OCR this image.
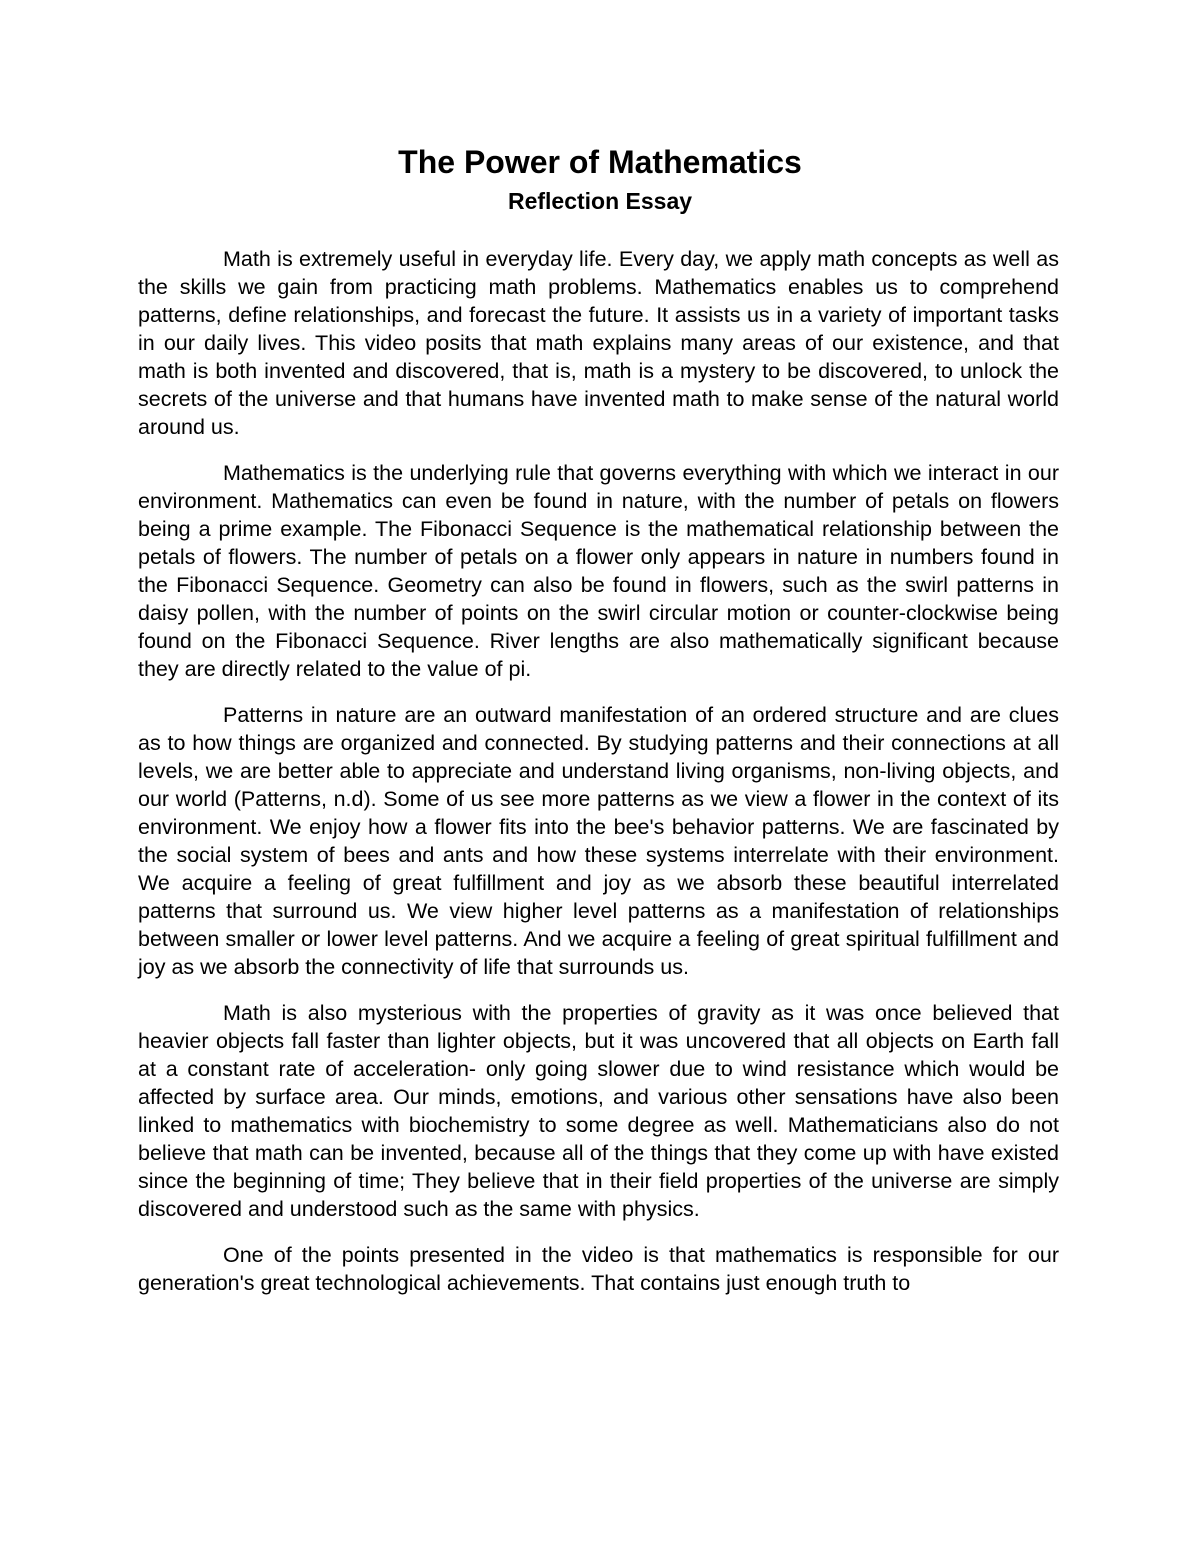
The Power of Mathematics
Reflection Essay

Math is extremely useful in everyday life. Every day, we apply math concepts as well as the skills we gain from practicing math problems. Mathematics enables us to comprehend patterns, define relationships, and forecast the future. It assists us in a variety of important tasks in our daily lives. This video posits that math explains many areas of our existence, and that math is both invented and discovered, that is, math is a mystery to be discovered, to unlock the secrets of the universe and that humans have invented math to make sense of the natural world around us.

Mathematics is the underlying rule that governs everything with which we interact in our environment. Mathematics can even be found in nature, with the number of petals on flowers being a prime example. The Fibonacci Sequence is the mathematical relationship between the petals of flowers. The number of petals on a flower only appears in nature in numbers found in the Fibonacci Sequence. Geometry can also be found in flowers, such as the swirl patterns in daisy pollen, with the number of points on the swirl circular motion or counter-clockwise being found on the Fibonacci Sequence. River lengths are also mathematically significant because they are directly related to the value of pi.

Patterns in nature are an outward manifestation of an ordered structure and are clues as to how things are organized and connected. By studying patterns and their connections at all levels, we are better able to appreciate and understand living organisms, non-living objects, and our world (Patterns, n.d). Some of us see more patterns as we view a flower in the context of its environment. We enjoy how a flower fits into the bee's behavior patterns. We are fascinated by the social system of bees and ants and how these systems interrelate with their environment. We acquire a feeling of great fulfillment and joy as we absorb these beautiful interrelated patterns that surround us. We view higher level patterns as a manifestation of relationships between smaller or lower level patterns. And we acquire a feeling of great spiritual fulfillment and joy as we absorb the connectivity of life that surrounds us.

Math is also mysterious with the properties of gravity as it was once believed that heavier objects fall faster than lighter objects, but it was uncovered that all objects on Earth fall at a constant rate of acceleration- only going slower due to wind resistance which would be affected by surface area. Our minds, emotions, and various other sensations have also been linked to mathematics with biochemistry to some degree as well. Mathematicians also do not believe that math can be invented, because all of the things that they come up with have existed since the beginning of time; They believe that in their field properties of the universe are simply discovered and understood such as the same with physics.

One of the points presented in the video is that mathematics is responsible for our generation's great technological achievements. That contains just enough truth to
